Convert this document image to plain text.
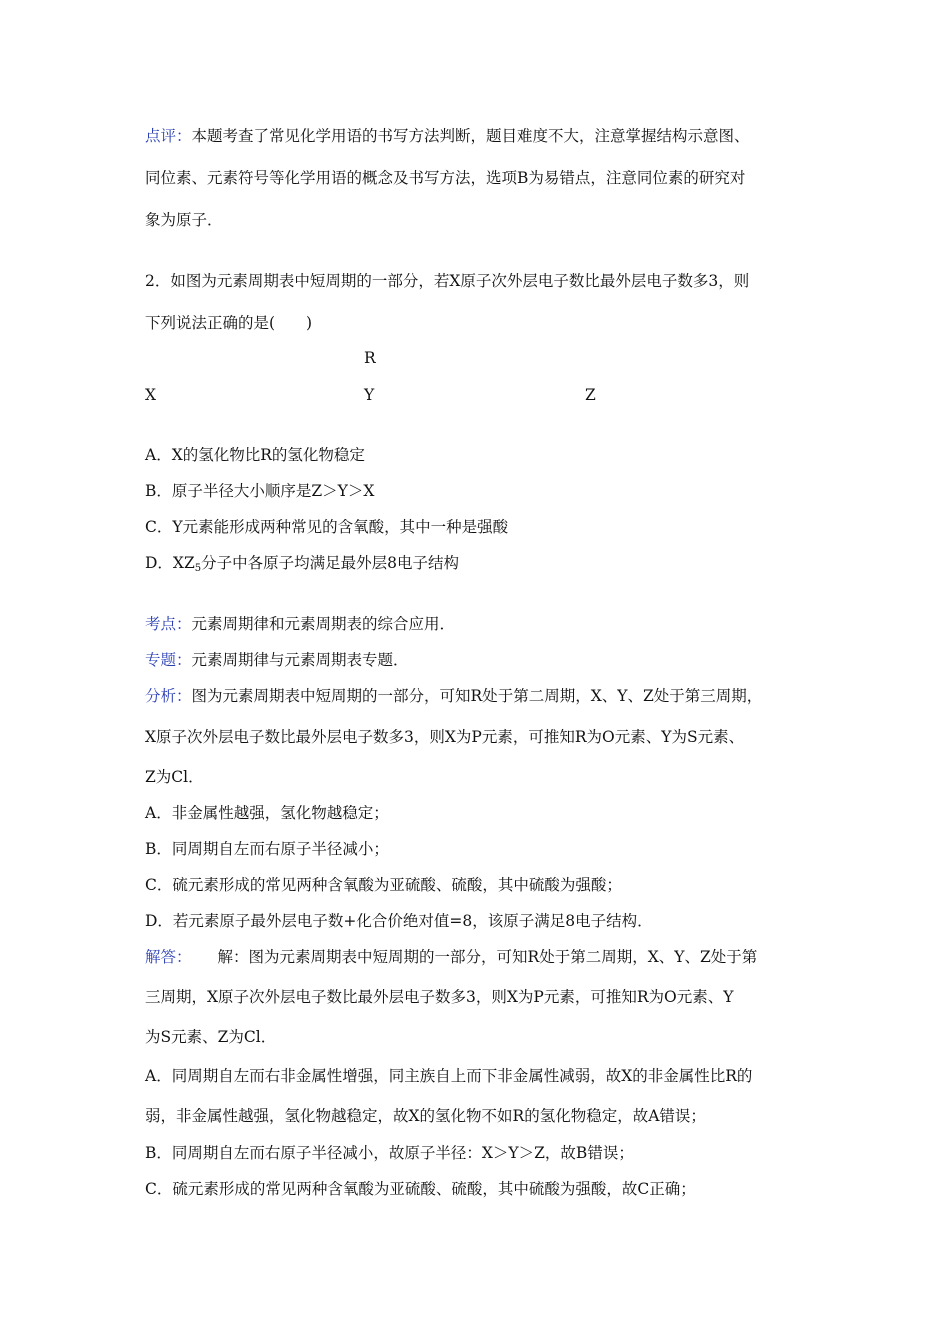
点评：本题考查了常见化学用语的书写方法判断，题目难度不大，注意掌握结构示意图、
同位素、元素符号等化学用语的概念及书写方法，选项B为易错点，注意同位素的研究对
象为原子．
2．如图为元素周期表中短周期的一部分，若X原子次外层电子数比最外层电子数多3，则
下列说法正确的是(　　)
R
X	Y	Z
A．X的氢化物比R的氢化物稳定
B．原子半径大小顺序是Z＞Y＞X
C．Y元素能形成两种常见的含氧酸，其中一种是强酸
D．XZ5分子中各原子均满足最外层8电子结构
考点：元素周期律和元素周期表的综合应用．
专题：元素周期律与元素周期表专题．
分析：图为元素周期表中短周期的一部分，可知R处于第二周期，X、Y、Z处于第三周期，
X原子次外层电子数比最外层电子数多3，则X为P元素，可推知R为O元素、Y为S元素、
Z为Cl．
A．非金属性越强，氢化物越稳定；
B．同周期自左而右原子半径减小；
C．硫元素形成的常见两种含氧酸为亚硫酸、硫酸，其中硫酸为强酸；
D．若元素原子最外层电子数+化合价绝对值=8，该原子满足8电子结构．
解答： 解：图为元素周期表中短周期的一部分，可知R处于第二周期，X、Y、Z处于第
三周期，X原子次外层电子数比最外层电子数多3，则X为P元素，可推知R为O元素、Y
为S元素、Z为Cl．
A．同周期自左而右非金属性增强，同主族自上而下非金属性减弱，故X的非金属性比R的
弱，非金属性越强，氢化物越稳定，故X的氢化物不如R的氢化物稳定，故A错误；
B．同周期自左而右原子半径减小，故原子半径：X＞Y＞Z，故B错误；
C．硫元素形成的常见两种含氧酸为亚硫酸、硫酸，其中硫酸为强酸，故C正确；
